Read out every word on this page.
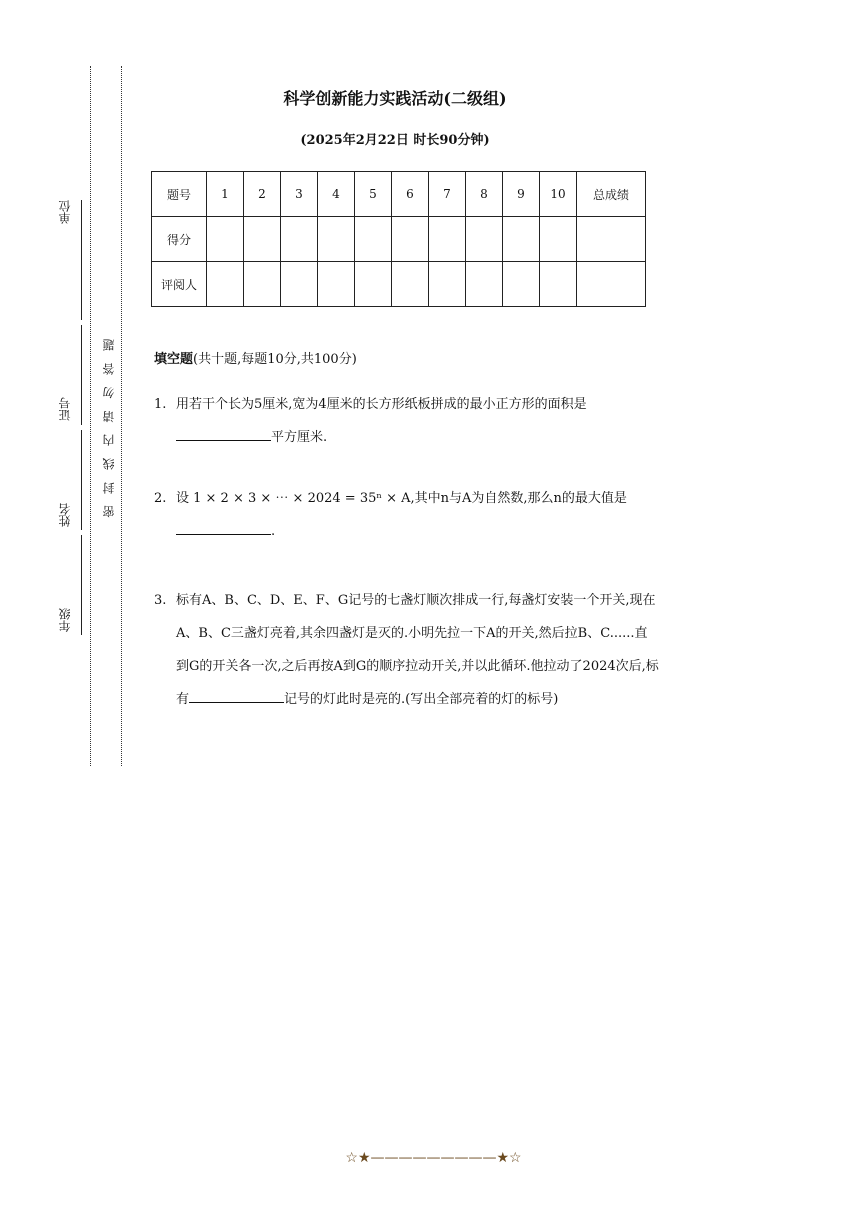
单位
证号
姓名
年级
密 封 线 内 请 勿 答 题
科学创新能力实践活动(二级组)
(2025年2月22日 时长90分钟)
题号	1	2	3	4	5	6	7	8	9	10	总成绩
得分											
评阅人											
填空题(共十题,每题10分,共100分)
1. 用若干个长为5厘米,宽为4厘米的长方形纸板拼成的最小正方形的面积是
平方厘米.
2. 设 1 × 2 × 3 × ⋯ × 2024 = 35ⁿ × A,其中n与A为自然数,那么n的最大值是
.
3. 标有A、B、C、D、E、F、G记号的七盏灯顺次排成一行,每盏灯安装一个开关,现在A、B、C三盏灯亮着,其余四盏灯是灭的.小明先拉一下A的开关,然后拉B、C......直到G的开关各一次,之后再按A到G的顺序拉动开关,并以此循环.他拉动了2024次后,标有	记号的灯此时是亮的.(写出全部亮着的灯的标号)
☆★—————————★☆
